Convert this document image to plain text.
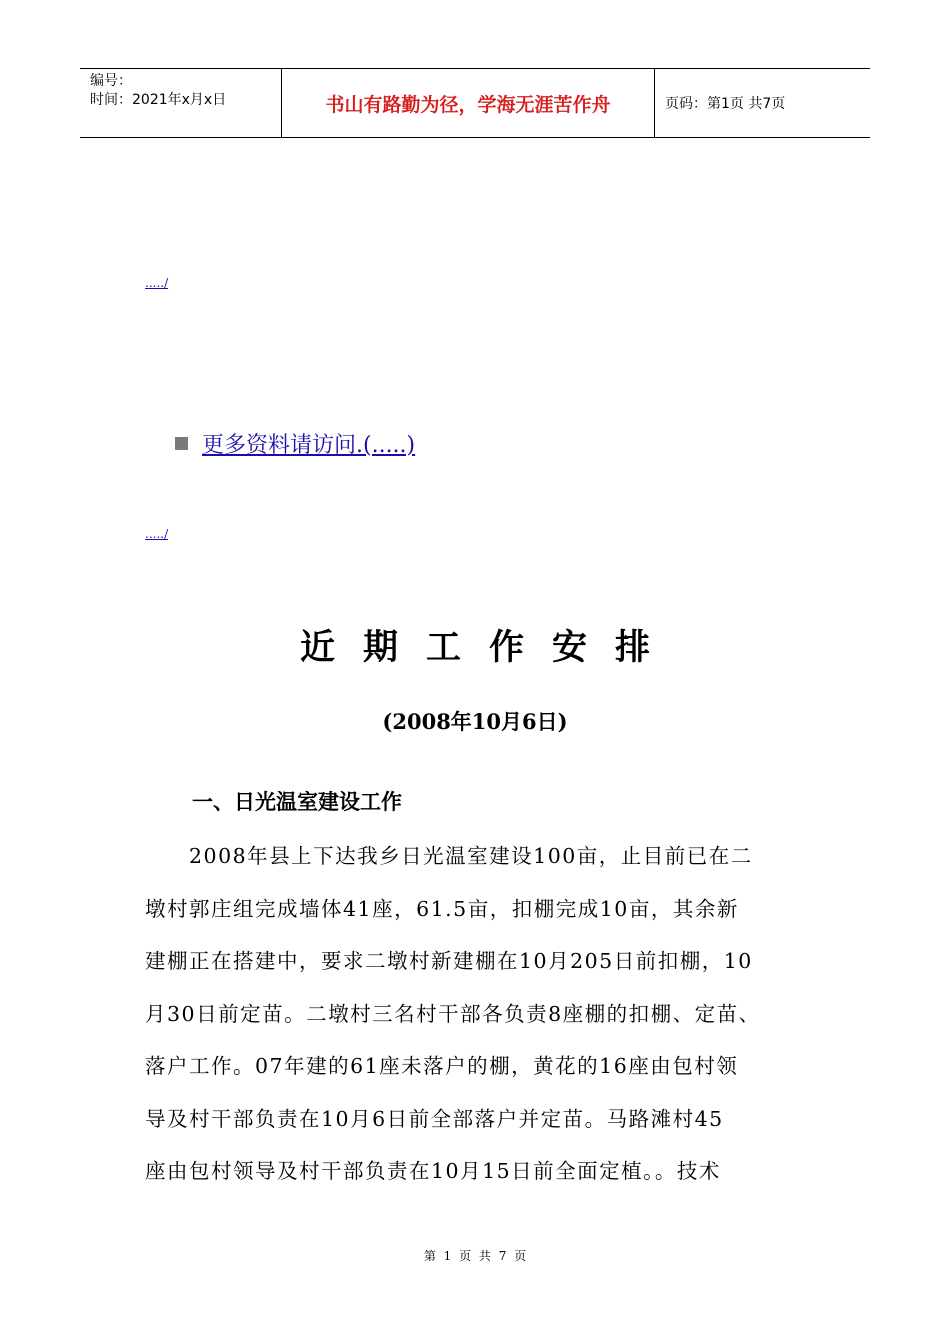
编号：
时间：2021年x月x日	书山有路勤为径，学海无涯苦作舟	页码：第1页 共7页
...../
更多资料请访问.(.....)
...../
近期工作安排
(2008年10月6日)
一、日光温室建设工作
　　2008年县上下达我乡日光温室建设100亩，止目前已在二
墩村郭庄组完成墙体41座，61.5亩，扣棚完成10亩，其余新
建棚正在搭建中，要求二墩村新建棚在10月205日前扣棚，10
月30日前定苗。二墩村三名村干部各负责8座棚的扣棚、定苗、
落户工作。07年建的61座未落户的棚，黄花的16座由包村领
导及村干部负责在10月6日前全部落户并定苗。马路滩村45
座由包村领导及村干部负责在10月15日前全面定植。。技术
第 1 页 共 7 页
